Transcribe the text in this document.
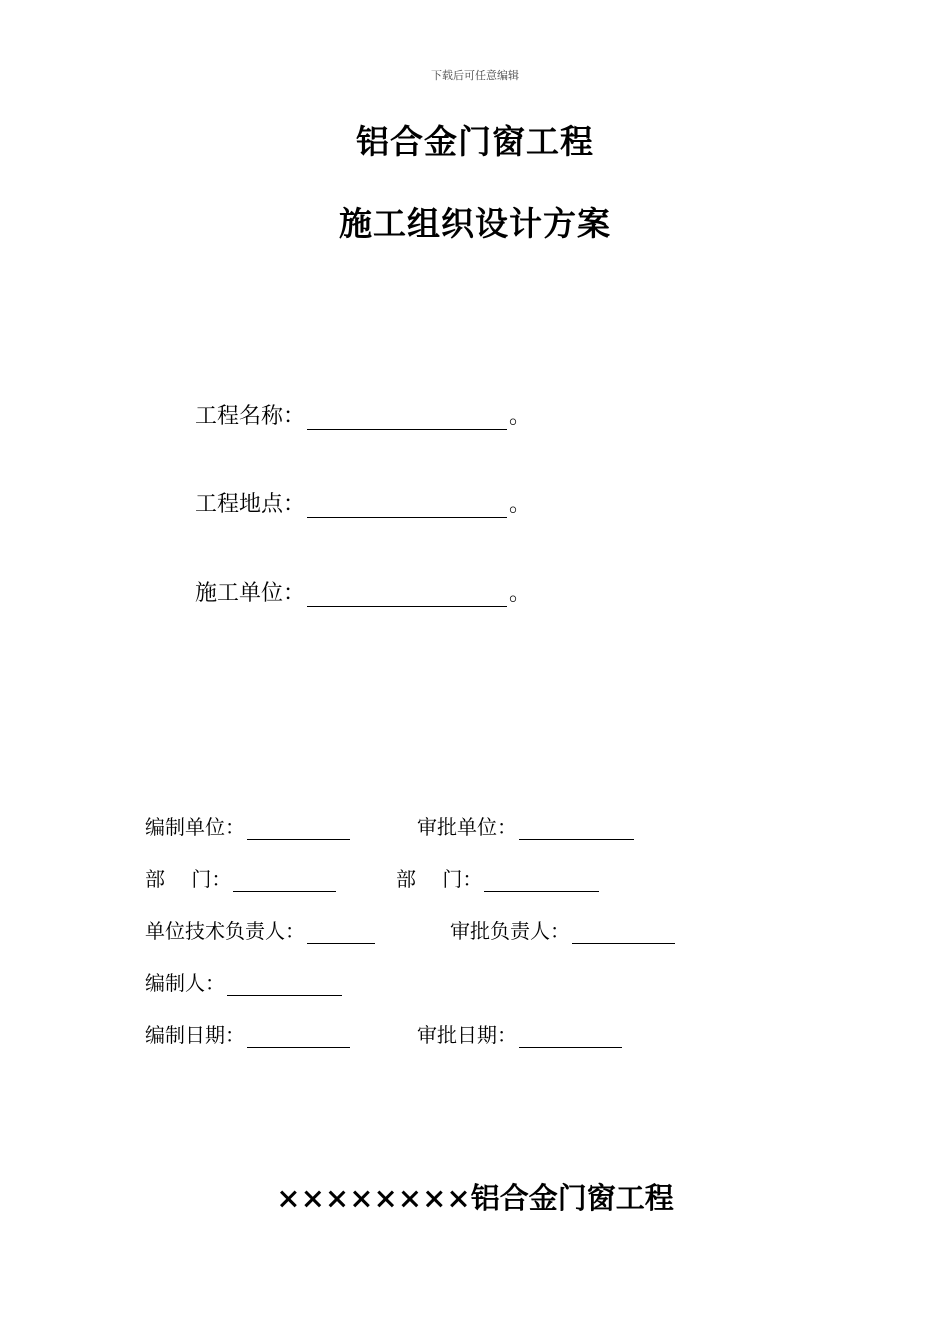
下载后可任意编辑
铝合金门窗工程
施工组织设计方案
工程名称：	。
工程地点：	。
施工单位：	。
编制单位：	审批单位：
部　 门：	部　 门：
单位技术负责人：	审批负责人：
编制人：
编制日期：	审批日期：
××××××××铝合金门窗工程
